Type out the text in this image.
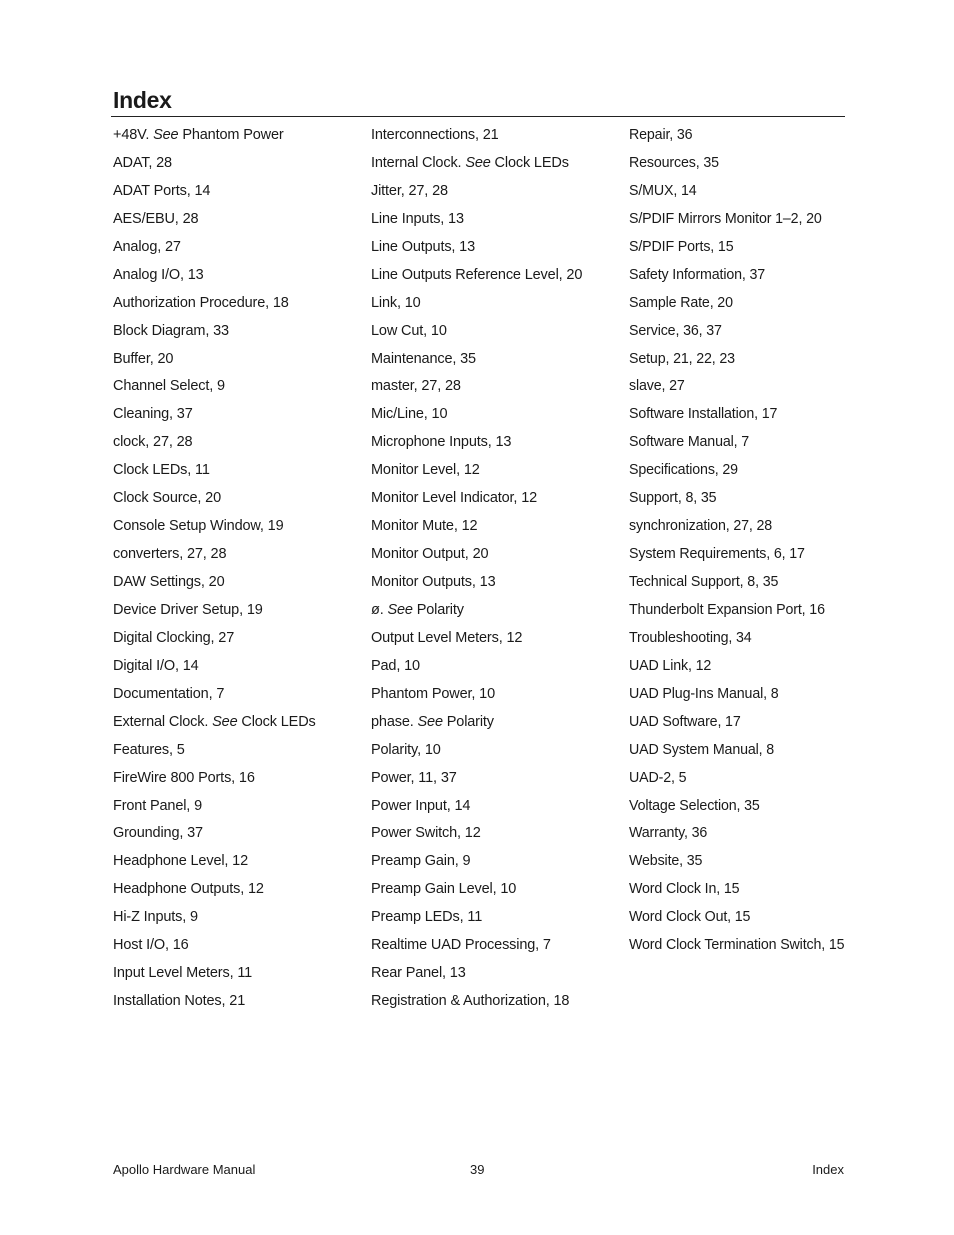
Index
+48V. See Phantom Power
ADAT, 28
ADAT Ports, 14
AES/EBU, 28
Analog, 27
Analog I/O, 13
Authorization Procedure, 18
Block Diagram, 33
Buffer, 20
Channel Select, 9
Cleaning, 37
clock, 27, 28
Clock LEDs, 11
Clock Source, 20
Console Setup Window, 19
converters, 27, 28
DAW Settings, 20
Device Driver Setup, 19
Digital Clocking, 27
Digital I/O, 14
Documentation, 7
External Clock. See Clock LEDs
Features, 5
FireWire 800 Ports, 16
Front Panel, 9
Grounding, 37
Headphone Level, 12
Headphone Outputs, 12
Hi-Z Inputs, 9
Host I/O, 16
Input Level Meters, 11
Installation Notes, 21
Interconnections, 21
Internal Clock. See Clock LEDs
Jitter, 27, 28
Line Inputs, 13
Line Outputs, 13
Line Outputs Reference Level, 20
Link, 10
Low Cut, 10
Maintenance, 35
master, 27, 28
Mic/Line, 10
Microphone Inputs, 13
Monitor Level, 12
Monitor Level Indicator, 12
Monitor Mute, 12
Monitor Output, 20
Monitor Outputs, 13
ø. See Polarity
Output Level Meters, 12
Pad, 10
Phantom Power, 10
phase. See Polarity
Polarity, 10
Power, 11, 37
Power Input, 14
Power Switch, 12
Preamp Gain, 9
Preamp Gain Level, 10
Preamp LEDs, 11
Realtime UAD Processing, 7
Rear Panel, 13
Registration & Authorization, 18
Repair, 36
Resources, 35
S/MUX, 14
S/PDIF Mirrors Monitor 1–2, 20
S/PDIF Ports, 15
Safety Information, 37
Sample Rate, 20
Service, 36, 37
Setup, 21, 22, 23
slave, 27
Software Installation, 17
Software Manual, 7
Specifications, 29
Support, 8, 35
synchronization, 27, 28
System Requirements, 6, 17
Technical Support, 8, 35
Thunderbolt Expansion Port, 16
Troubleshooting, 34
UAD Link, 12
UAD Plug-Ins Manual, 8
UAD Software, 17
UAD System Manual, 8
UAD-2, 5
Voltage Selection, 35
Warranty, 36
Website, 35
Word Clock In, 15
Word Clock Out, 15
Word Clock Termination Switch, 15
Apollo Hardware Manual	39	Index
